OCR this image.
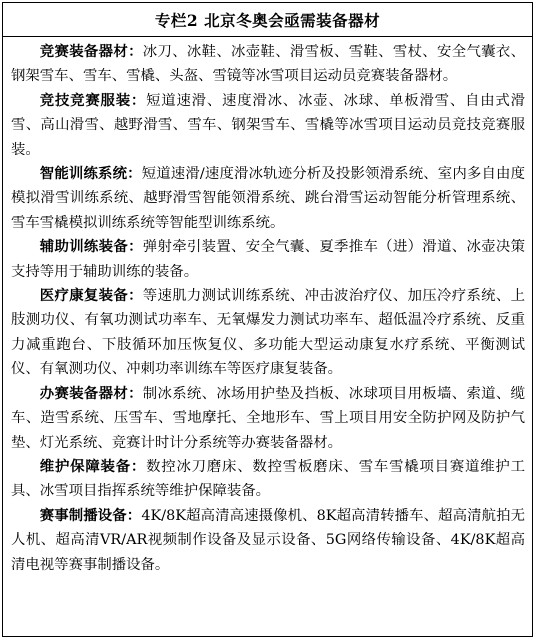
专栏2 北京冬奥会亟需装备器材

竞赛装备器材：冰刀、冰鞋、冰壶鞋、滑雪板、雪鞋、雪杖、安全气囊衣、钢架雪车、雪车、雪橇、头盔、雪镜等冰雪项目运动员竞赛装备器材。

竞技竞赛服装：短道速滑、速度滑冰、冰壶、冰球、单板滑雪、自由式滑雪、高山滑雪、越野滑雪、雪车、钢架雪车、雪橇等冰雪项目运动员竞技竞赛服装。

智能训练系统：短道速滑/速度滑冰轨迹分析及投影领滑系统、室内多自由度模拟滑雪训练系统、越野滑雪智能领滑系统、跳台滑雪运动智能分析管理系统、雪车雪橇模拟训练系统等智能型训练系统。

辅助训练装备：弹射牵引装置、安全气囊、夏季推车（进）滑道、冰壶决策支持等用于辅助训练的装备。

医疗康复装备：等速肌力测试训练系统、冲击波治疗仪、加压冷疗系统、上肢测功仪、有氧功测试功率车、无氧爆发力测试功率车、超低温冷疗系统、反重力减重跑台、下肢循环加压恢复仪、多功能大型运动康复水疗系统、平衡测试仪、有氧测功仪、冲刺功率训练车等医疗康复装备。

办赛装备器材：制冰系统、冰场用护垫及挡板、冰球项目用板墙、索道、缆车、造雪系统、压雪车、雪地摩托、全地形车、雪上项目用安全防护网及防护气垫、灯光系统、竞赛计时计分系统等办赛装备器材。

维护保障装备：数控冰刀磨床、数控雪板磨床、雪车雪橇项目赛道维护工具、冰雪项目指挥系统等维护保障装备。

赛事制播设备：4K/8K超高清高速摄像机、8K超高清转播车、超高清航拍无人机、超高清VR/AR视频制作设备及显示设备、5G网络传输设备、4K/8K超高清电视等赛事制播设备。
